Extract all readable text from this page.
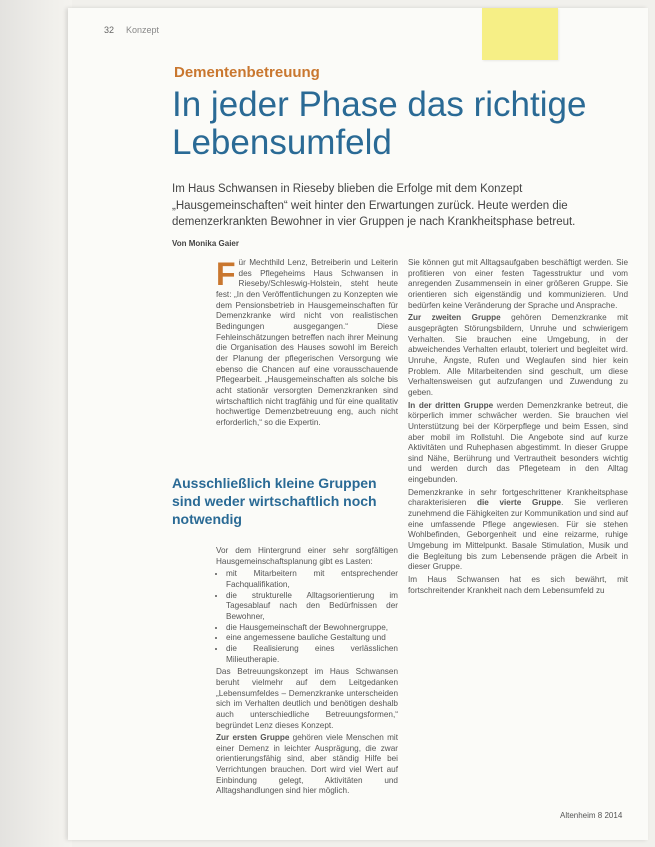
32 Konzept
Dementenbetreuung
In jeder Phase das richtige Lebensumfeld

Im Haus Schwansen in Rieseby blieben die Erfolge mit dem Konzept „Hausgemeinschaften“ weit hinter den Erwartungen zurück. Heute werden die demenzerkrankten Bewohner in vier Gruppen je nach Krankheitsphase betreut.

Von Monika Gaier

Für Mechthild Lenz, Betreiberin und Leiterin des Pflegeheims Haus Schwansen in Rieseby/Schleswig-Holstein, steht heute fest: „In den Veröffentlichungen zu Konzepten wie dem Pensionsbetrieb in Hausgemeinschaften für Demenzkranke wird nicht von realistischen Bedingungen ausgegangen.“ Diese Fehleinschätzungen betreffen nach ihrer Meinung die Organisation des Hauses sowohl im Bereich der Planung der pflegerischen Versorgung wie ebenso die Chancen auf eine vorausschauende Pflegearbeit. „Hausgemeinschaften als solche bis acht stationär versorgten Demenzkranken sind wirtschaftlich nicht tragfähig und für eine qualitativ hochwertige Demenzbetreuung eng, auch nicht erforderlich,“ so die Expertin.

Ausschließlich kleine Gruppen sind weder wirtschaftlich noch notwendig

Vor dem Hintergrund einer sehr sorgfältigen Hausgemeinschaftsplanung gibt es Lasten:

• mit Mitarbeitern mit entsprechender Fachqualifikation,
• die strukturelle Alltagsorientierung im Tagesablauf nach den Bedürfnissen der Bewohner,
• die Hausgemeinschaft der Bewohnergruppe,
• eine angemessene bauliche Gestaltung und
• die Realisierung eines verlässlichen Milieutherapie.

Das Betreuungskonzept im Haus Schwansen beruht vielmehr auf dem Leitgedanken „Lebensumfeldes – Demenzkranke unterscheiden sich im Verhalten deutlich und benötigen deshalb auch unterschiedliche Betreuungsformen,“ begründet Lenz dieses Konzept.

Zur ersten Gruppe gehören viele Menschen mit einer Demenz in leichter Ausprägung, die zwar orientierungsfähig sind, aber ständig Hilfe bei Verrichtungen brauchen. Dort wird viel Wert auf Einbindung gelegt, Aktivitäten und Alltagshandlungen sind hier möglich.

Sie können gut mit Alltagsaufgaben beschäftigt werden. Sie profitieren von einer festen Tagesstruktur und vom anregenden Zusammensein in einer größeren Gruppe. Sie orientieren sich eigenständig und kommunizieren. Und bedürfen keine Veränderung der Sprache und Ansprache.

Zur zweiten Gruppe gehören Demenzkranke mit ausgeprägten Störungsbildern, Unruhe und schwierigem Verhalten. Sie brauchen eine Umgebung, in der abweichendes Verhalten erlaubt, toleriert und begleitet wird. Unruhe, Ängste, Rufen und Weglaufen sind hier kein Problem. Alle Mitarbeitenden sind geschult, um diese Verhaltensweisen gut aufzufangen und Zuwendung zu geben.

In der dritten Gruppe werden Demenzkranke betreut, die körperlich immer schwächer werden. Sie brauchen viel Unterstützung bei der Körperpflege und beim Essen, sind aber mobil im Rollstuhl. Die Angebote sind auf kurze Aktivitäten und Ruhephasen abgestimmt. In dieser Gruppe sind Nähe, Berührung und Vertrautheit besonders wichtig und werden durch das Pflegeteam in den Alltag eingebunden.

Demenzkranke in sehr fortgeschrittener Krankheitsphase charakterisieren die vierte Gruppe. Sie verlieren zunehmend die Fähigkeiten zur Kommunikation und sind auf eine umfassende Pflege angewiesen. Für sie stehen Wohlbefinden, Geborgenheit und eine reizarme, ruhige Umgebung im Mittelpunkt. Basale Stimulation, Musik und die Begleitung bis zum Lebensende prägen die Arbeit in dieser Gruppe.

Im Haus Schwansen hat es sich bewährt, mit fortschreitender Krankheit nach dem Lebensumfeld zu

Altenheim 8 2014
